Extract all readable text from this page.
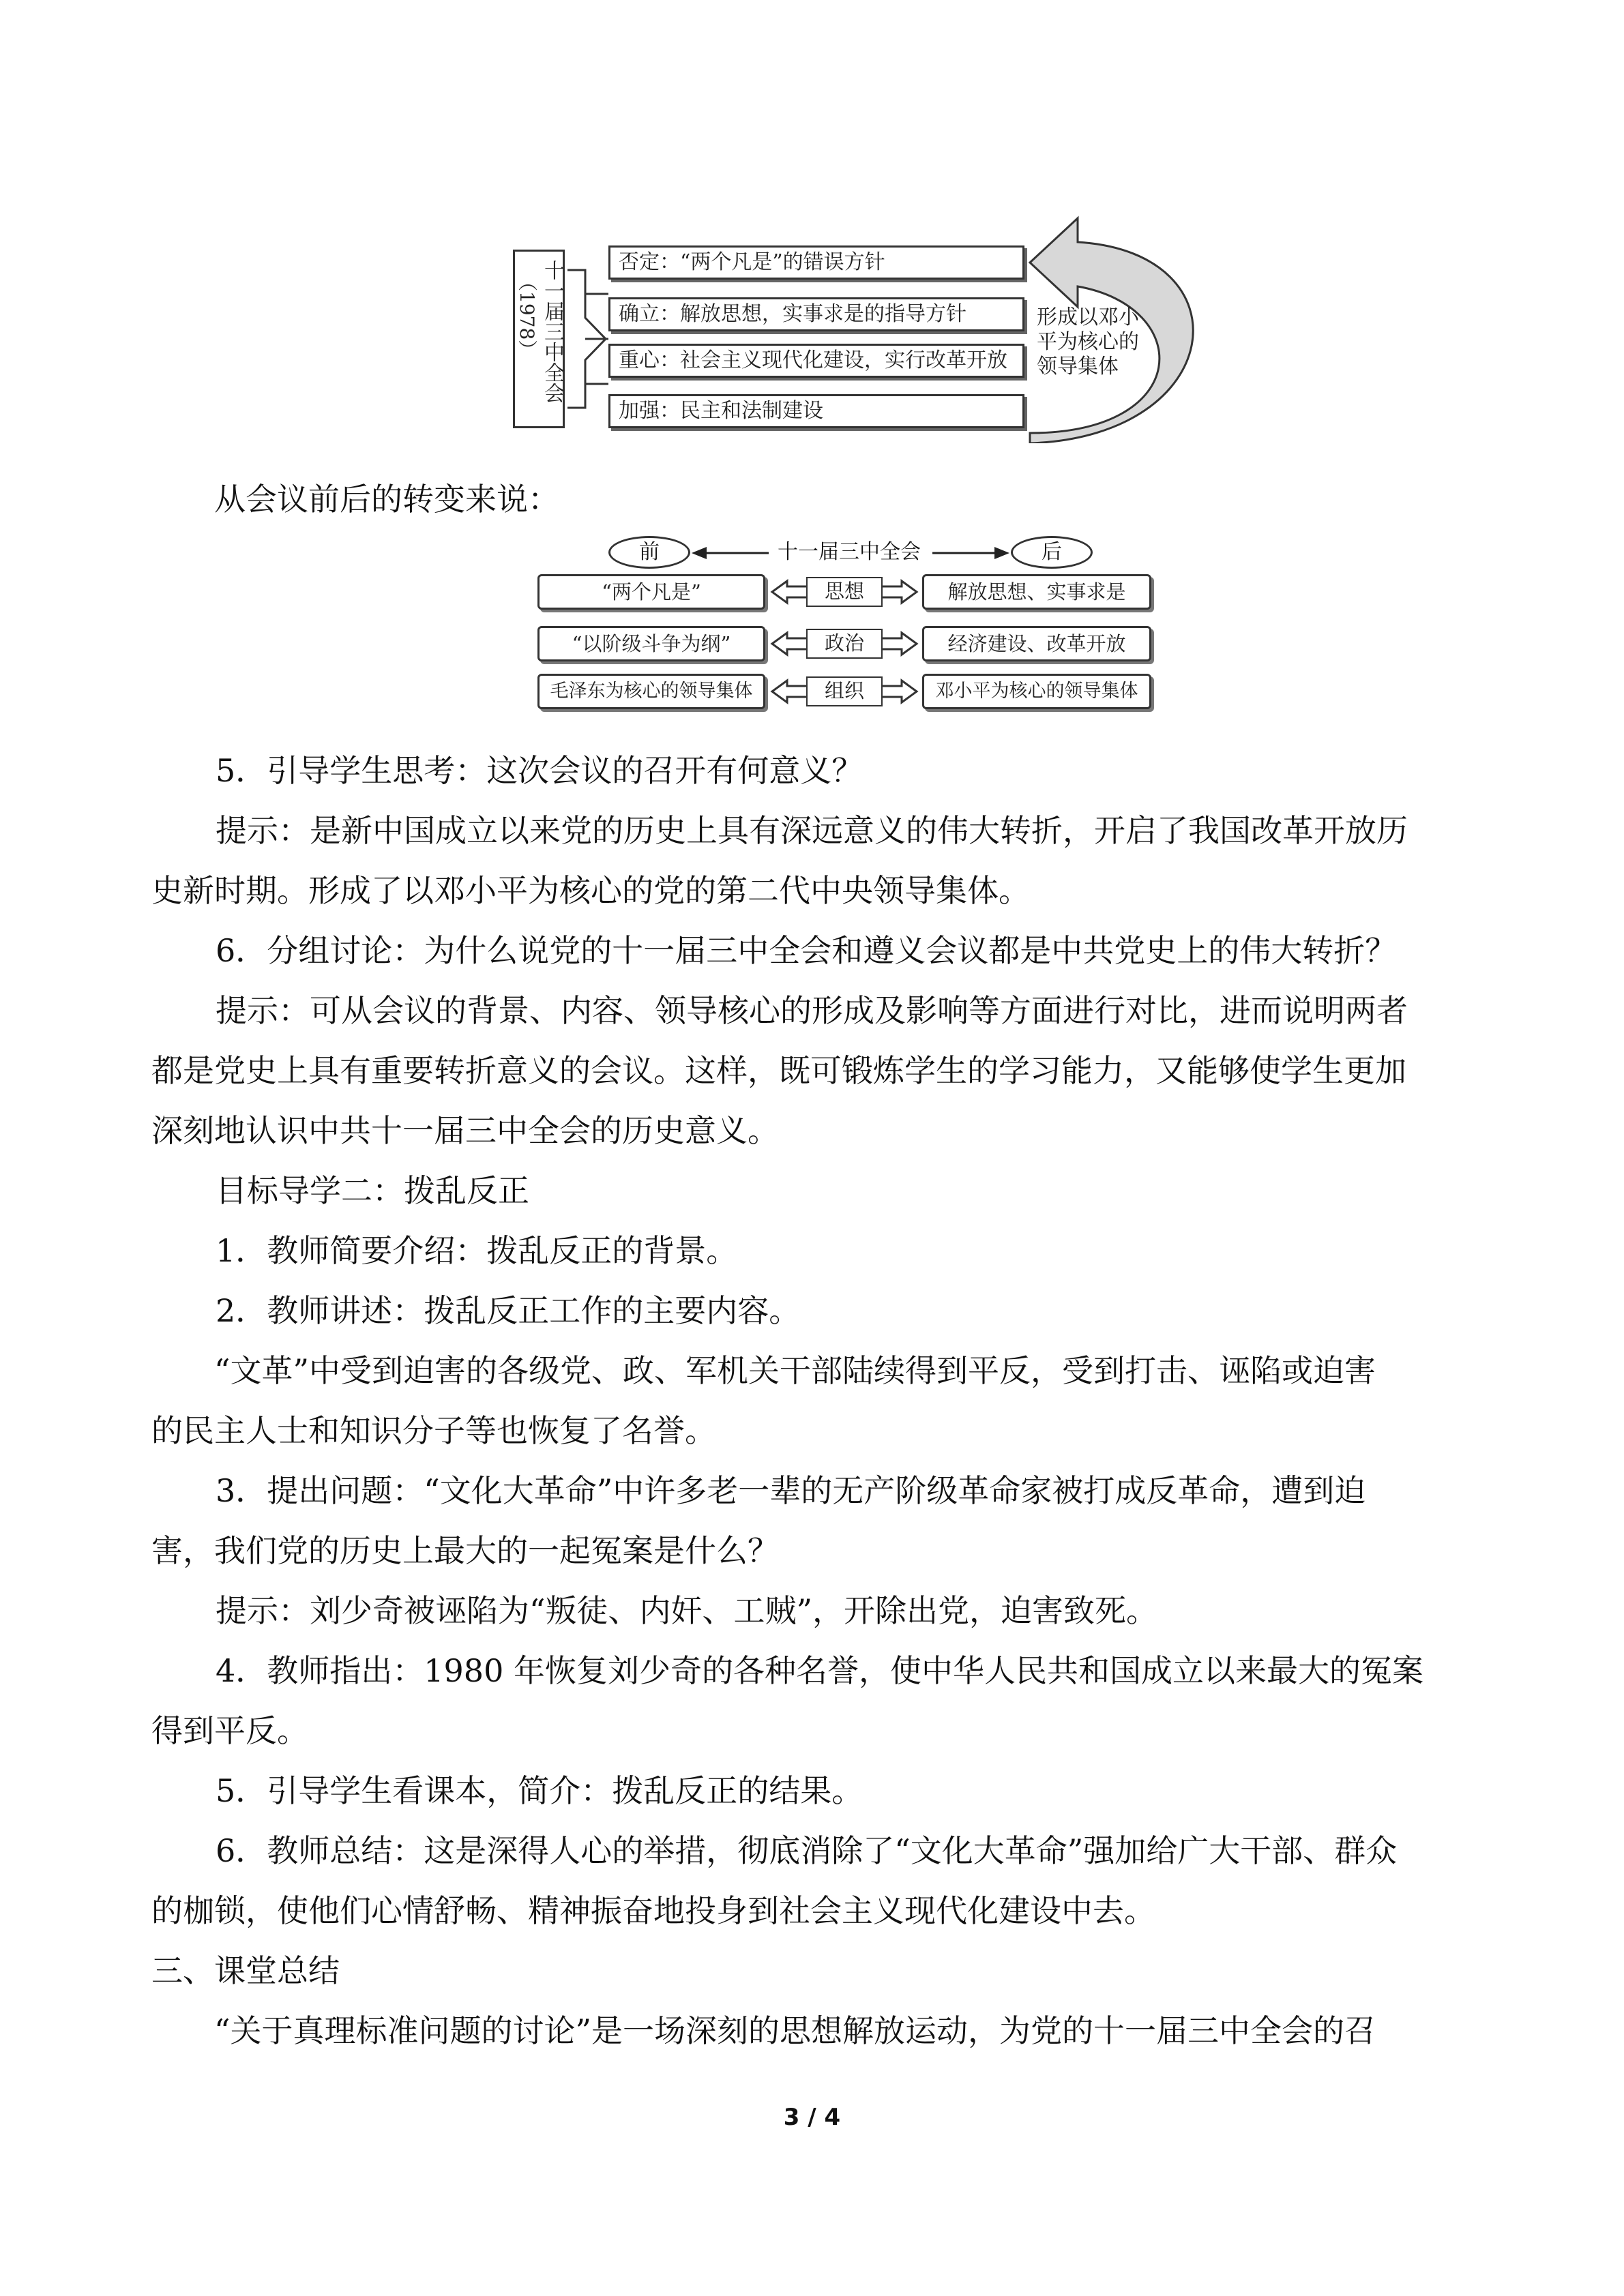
十一届三中全会
（1978）
否定：“两个凡是”的错误方针
确立：解放思想，实事求是的指导方针
重心：社会主义现代化建设，实行改革开放
加强：民主和法制建设
形成以邓小
平为核心的
领导集体
从会议前后的转变来说：
前	十一届三中全会	后
“两个凡是”	思想	解放思想、实事求是
“以阶级斗争为纲”	政治	经济建设、改革开放
毛泽东为核心的领导集体	组织	邓小平为核心的领导集体
5．引导学生思考：这次会议的召开有何意义？
提示：是新中国成立以来党的历史上具有深远意义的伟大转折，开启了我国改革开放历
史新时期。形成了以邓小平为核心的党的第二代中央领导集体。
6．分组讨论：为什么说党的十一届三中全会和遵义会议都是中共党史上的伟大转折？
提示：可从会议的背景、内容、领导核心的形成及影响等方面进行对比，进而说明两者
都是党史上具有重要转折意义的会议。这样，既可锻炼学生的学习能力，又能够使学生更加
深刻地认识中共十一届三中全会的历史意义。
目标导学二：拨乱反正
1．教师简要介绍：拨乱反正的背景。
2．教师讲述：拨乱反正工作的主要内容。
“文革”中受到迫害的各级党、政、军机关干部陆续得到平反，受到打击、诬陷或迫害
的民主人士和知识分子等也恢复了名誉。
3．提出问题：“文化大革命”中许多老一辈的无产阶级革命家被打成反革命，遭到迫
害，我们党的历史上最大的一起冤案是什么？
提示：刘少奇被诬陷为“叛徒、内奸、工贼”，开除出党，迫害致死。
4．教师指出：1980 年恢复刘少奇的各种名誉，使中华人民共和国成立以来最大的冤案
得到平反。
5．引导学生看课本，简介：拨乱反正的结果。
6．教师总结：这是深得人心的举措，彻底消除了“文化大革命”强加给广大干部、群众
的枷锁，使他们心情舒畅、精神振奋地投身到社会主义现代化建设中去。
三、课堂总结
“关于真理标准问题的讨论”是一场深刻的思想解放运动，为党的十一届三中全会的召
3 / 4
